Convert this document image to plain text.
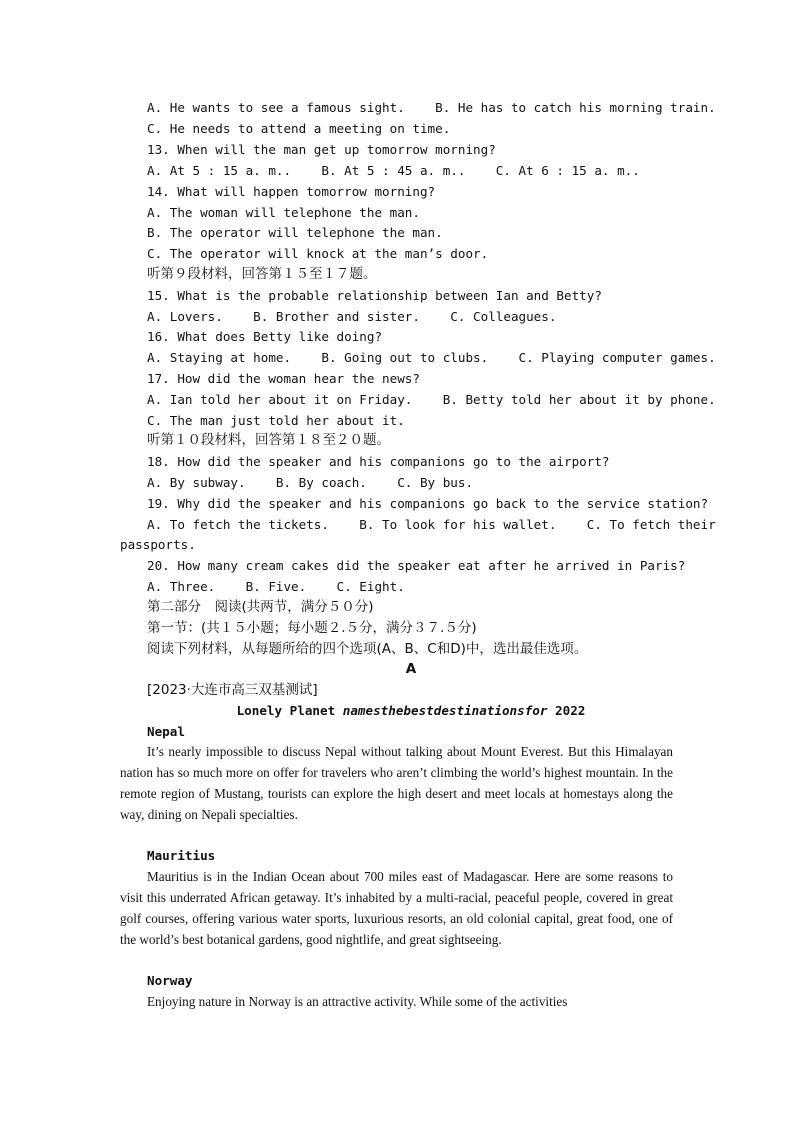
A. He wants to see a famous sight.    B. He has to catch his morning train.
C. He needs to attend a meeting on time.
13. When will the man get up tomorrow morning?
A. At 5 : 15 a. m..    B. At 5 : 45 a. m..    C. At 6 : 15 a. m..
14. What will happen tomorrow morning?
A. The woman will telephone the man.
B. The operator will telephone the man.
C. The operator will knock at the man’s door.
听第９段材料，回答第１５至１７题。
15. What is the probable relationship between Ian and Betty?
A. Lovers.    B. Brother and sister.    C. Colleagues.
16. What does Betty like doing?
A. Staying at home.    B. Going out to clubs.    C. Playing computer games.
17. How did the woman hear the news?
A. Ian told her about it on Friday.    B. Betty told her about it by phone.
C. The man just told her about it.
听第１０段材料，回答第１８至２０题。
18. How did the speaker and his companions go to the airport?
A. By subway.    B. By coach.    C. By bus.
19. Why did the speaker and his companions go back to the service station?
A. To fetch the tickets.    B. To look for his wallet.    C. To fetch their
passports.
20. How many cream cakes did the speaker eat after he arrived in Paris?
A. Three.    B. Five.    C. Eight.
第二部分　阅读(共两节，满分５０分)
第一节：(共１５小题；每小题２.５分，满分３７.５分)
阅读下列材料，从每题所给的四个选项(A、B、C和D)中，选出最佳选项。
A
[2023·大连市高三双基测试]
Lonely Planet namesthebestdestinationsfor 2022
Nepal

It’s nearly impossible to discuss Nepal without talking about Mount Everest. But this Himalayan nation has so much more on offer for travelers who aren’t climbing the world’s highest mountain. In the remote region of Mustang, tourists can explore the high desert and meet locals at homestays along the way, dining on Nepali specialties.

Mauritius

Mauritius is in the Indian Ocean about 700 miles east of Madagascar. Here are some reasons to visit this underrated African getaway. It’s inhabited by a multi-racial, peaceful people, covered in great golf courses, offering various water sports, luxurious resorts, an old colonial capital, great food, one of the world’s best botanical gardens, good nightlife, and great sightseeing.

Norway

Enjoying nature in Norway is an attractive activity. While some of the activities
